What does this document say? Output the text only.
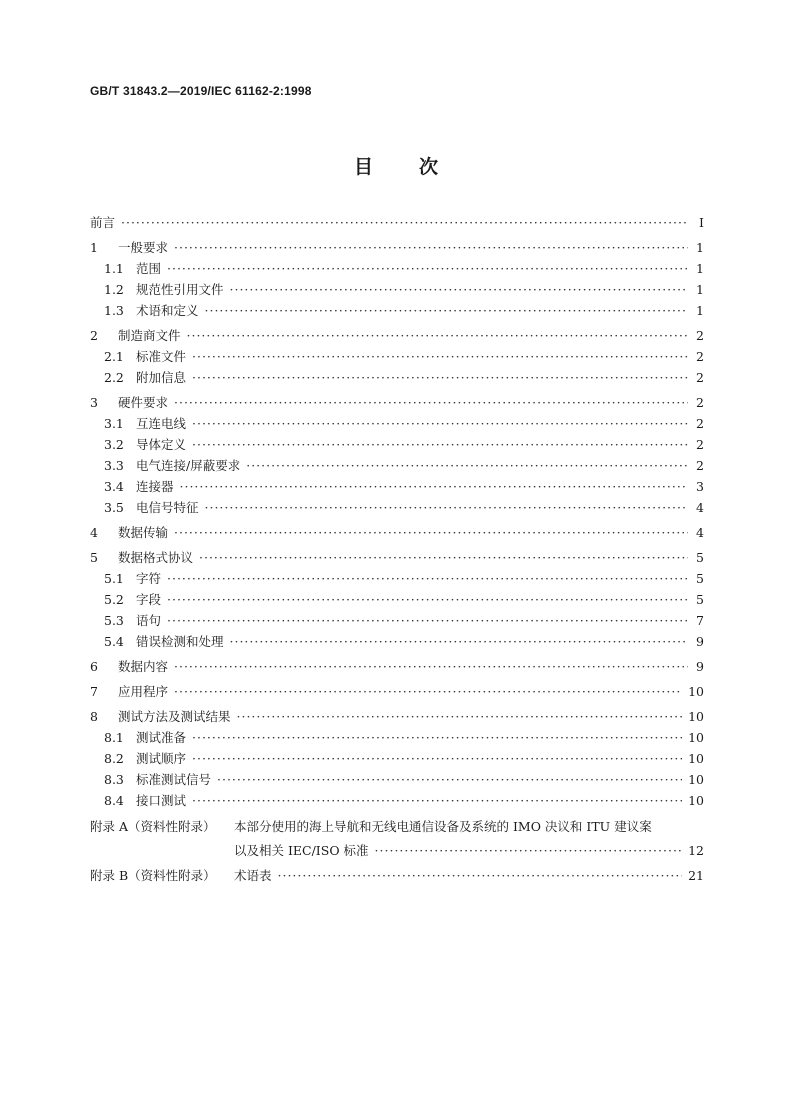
GB/T 31843.2—2019/IEC 61162-2:1998
目 次
前言 ·····	I
1	一般要求 ·····	1
1.1 范围 ·····	1
1.2 规范性引用文件 ·····	1
1.3 术语和定义 ·····	1
2	制造商文件 ·····	2
2.1 标准文件 ·····	2
2.2 附加信息 ·····	2
3	硬件要求 ·····	2
3.1 互连电线 ·····	2
3.2 导体定义 ·····	2
3.3 电气连接/屏蔽要求 ·····	2
3.4 连接器 ·····	3
3.5 电信号特征 ·····	4
4	数据传输 ·····	4
5	数据格式协议 ·····	5
5.1 字符 ·····	5
5.2 字段 ·····	5
5.3 语句 ·····	7
5.4 错误检测和处理 ·····	9
6	数据内容 ·····	9
7	应用程序 ·····	10
8	测试方法及测试结果 ·····	10
8.1 测试准备 ·····	10
8.2 测试顺序 ·····	10
8.3 标准测试信号 ·····	10
8.4 接口测试 ·····	10
附录 A（资料性附录） 本部分使用的海上导航和无线电通信设备及系统的 IMO 决议和 ITU 建议案
以及相关 IEC/ISO 标准 ·····	12
附录 B（资料性附录）	术语表 ·····	21
